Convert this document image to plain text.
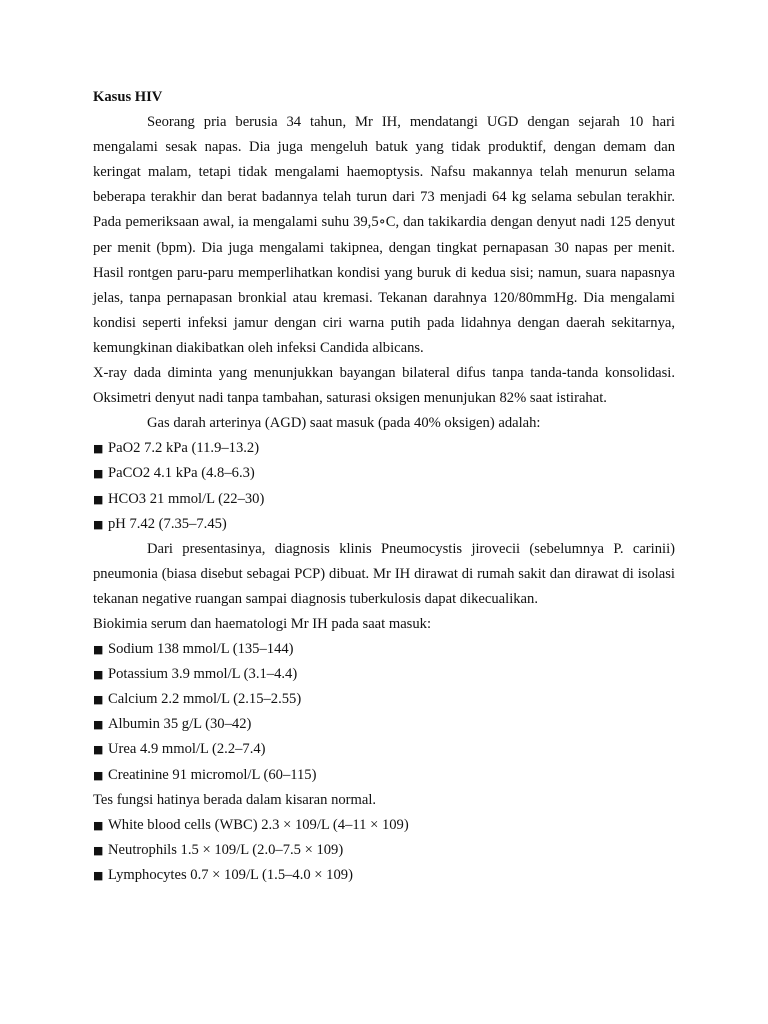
Kasus HIV

Seorang pria berusia 34 tahun, Mr IH, mendatangi UGD dengan sejarah 10 hari mengalami sesak napas. Dia juga mengeluh batuk yang tidak produktif, dengan demam dan keringat malam, tetapi tidak mengalami haemoptysis. Nafsu makannya telah menurun selama beberapa terakhir dan berat badannya telah turun dari 73 menjadi 64 kg selama sebulan terakhir. Pada pemeriksaan awal, ia mengalami suhu 39,5∘C, dan takikardia dengan denyut nadi 125 denyut per menit (bpm). Dia juga mengalami takipnea, dengan tingkat pernapasan 30 napas per menit. Hasil rontgen paru-paru memperlihatkan kondisi yang buruk di kedua sisi; namun, suara napasnya jelas, tanpa pernapasan bronkial atau kremasi. Tekanan darahnya 120/80mmHg. Dia mengalami kondisi seperti infeksi jamur dengan ciri warna putih pada lidahnya dengan daerah sekitarnya, kemungkinan diakibatkan oleh infeksi Candida albicans.

X-ray dada diminta yang menunjukkan bayangan bilateral difus tanpa tanda-tanda konsolidasi. Oksimetri denyut nadi tanpa tambahan, saturasi oksigen menunjukan 82% saat istirahat.

Gas darah arterinya (AGD) saat masuk (pada 40% oksigen) adalah:

■ PaO2 7.2 kPa (11.9–13.2)

■ PaCO2 4.1 kPa (4.8–6.3)

■ HCO3 21 mmol/L (22–30)

■ pH 7.42 (7.35–7.45)

Dari presentasinya, diagnosis klinis Pneumocystis jirovecii (sebelumnya P. carinii) pneumonia (biasa disebut sebagai PCP) dibuat. Mr IH dirawat di rumah sakit dan dirawat di isolasi tekanan negative ruangan sampai diagnosis tuberkulosis dapat dikecualikan.

Biokimia serum dan haematologi Mr IH pada saat masuk:

■ Sodium 138 mmol/L (135–144)

■ Potassium 3.9 mmol/L (3.1–4.4)

■ Calcium 2.2 mmol/L (2.15–2.55)

■ Albumin 35 g/L (30–42)

■ Urea 4.9 mmol/L (2.2–7.4)

■ Creatinine 91 micromol/L (60–115)

Tes fungsi hatinya berada dalam kisaran normal.

■ White blood cells (WBC) 2.3 × 109/L (4–11 × 109)

■ Neutrophils 1.5 × 109/L (2.0–7.5 × 109)

■ Lymphocytes 0.7 × 109/L (1.5–4.0 × 109)
